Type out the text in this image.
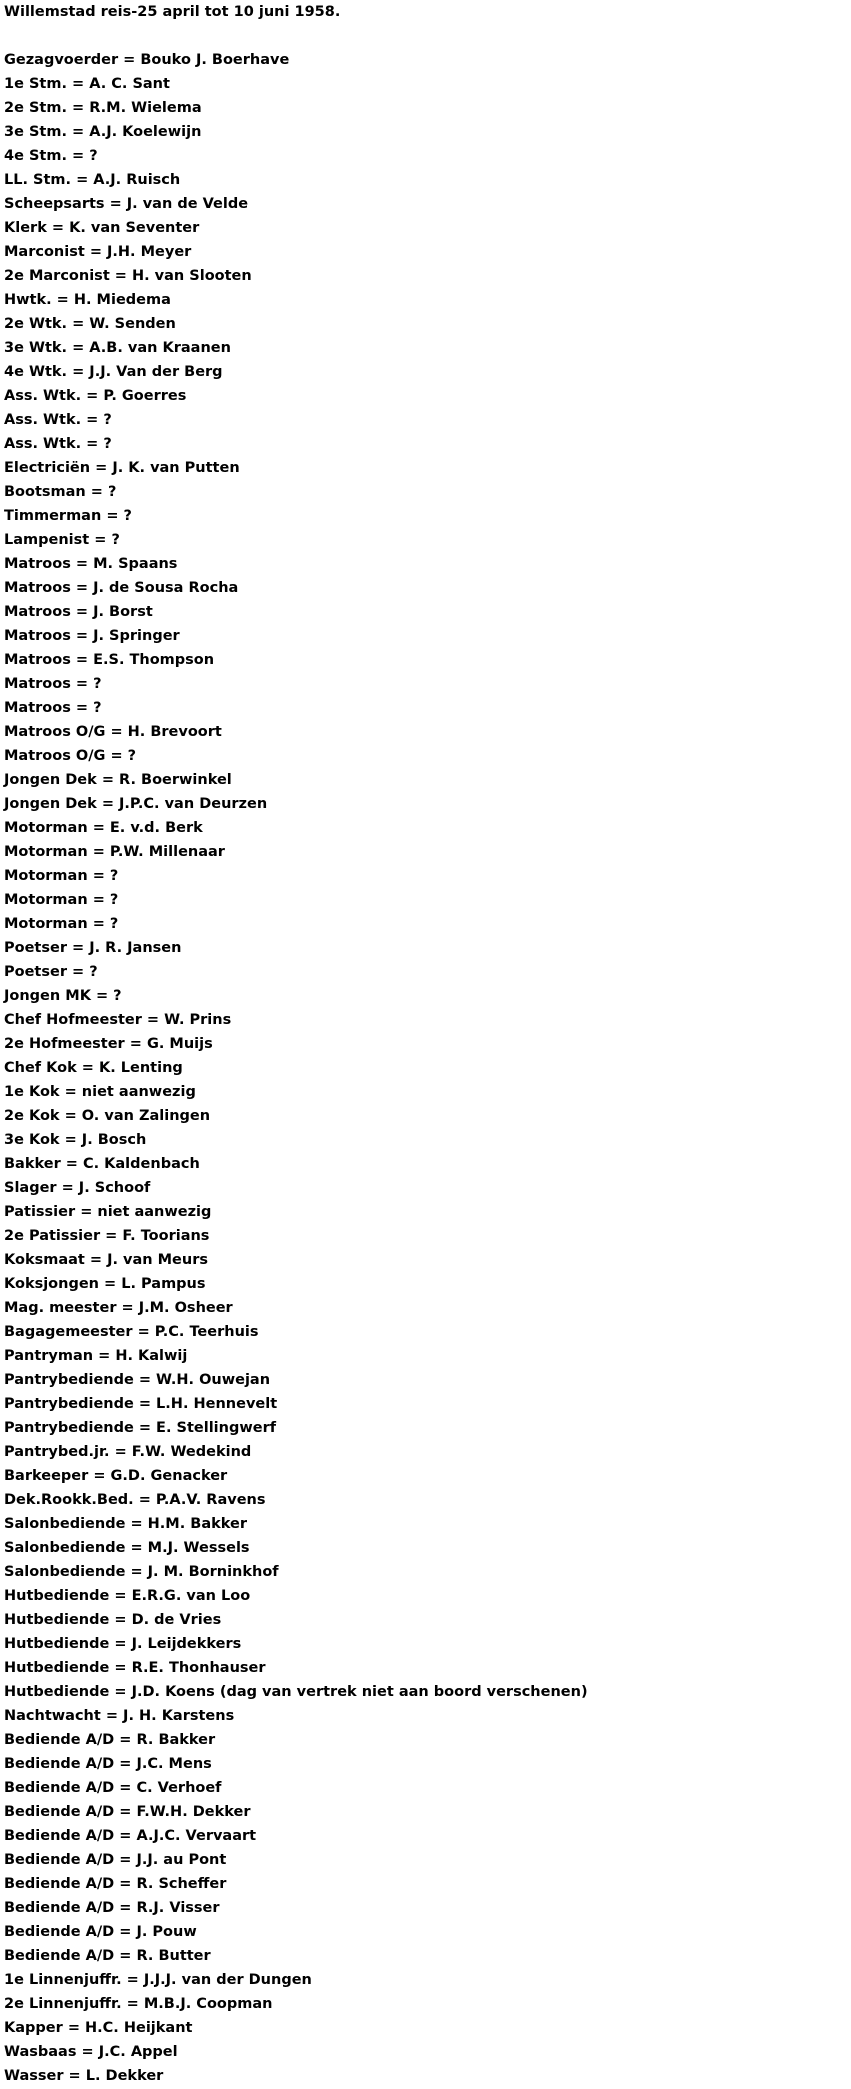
Willemstad reis-25 april tot 10 juni 1958.
Gezagvoerder = Bouko J. Boerhave
1e Stm. = A. C. Sant
2e Stm. = R.M. Wielema
3e Stm. = A.J. Koelewijn
4e Stm. = ?
LL. Stm. = A.J. Ruisch
Scheepsarts = J. van de Velde
Klerk = K. van Seventer
Marconist = J.H. Meyer
2e Marconist = H. van Slooten
Hwtk. = H. Miedema
2e Wtk. = W. Senden
3e Wtk. = A.B. van Kraanen
4e Wtk. = J.J. Van der Berg
Ass. Wtk. = P. Goerres
Ass. Wtk. = ?
Ass. Wtk. = ?
Electriciën = J. K. van Putten
Bootsman = ?
Timmerman = ?
Lampenist = ?
Matroos = M. Spaans
Matroos = J. de Sousa Rocha
Matroos = J. Borst
Matroos = J. Springer
Matroos = E.S. Thompson
Matroos = ?
Matroos = ?
Matroos O/G = H. Brevoort
Matroos O/G = ?
Jongen Dek = R. Boerwinkel
Jongen Dek = J.P.C. van Deurzen
Motorman = E. v.d. Berk
Motorman = P.W. Millenaar
Motorman = ?
Motorman = ?
Motorman = ?
Poetser = J. R. Jansen
Poetser = ?
Jongen MK = ?
Chef Hofmeester = W. Prins
2e Hofmeester = G. Muijs
Chef Kok = K. Lenting
1e Kok = niet aanwezig
2e Kok = O. van Zalingen
3e Kok = J. Bosch
Bakker = C. Kaldenbach
Slager = J. Schoof
Patissier = niet aanwezig
2e Patissier = F. Toorians
Koksmaat = J. van Meurs
Koksjongen = L. Pampus
Mag. meester = J.M. Osheer
Bagagemeester = P.C. Teerhuis
Pantryman = H. Kalwij
Pantrybediende = W.H. Ouwejan
Pantrybediende = L.H. Hennevelt
Pantrybediende = E. Stellingwerf
Pantrybed.jr. = F.W. Wedekind
Barkeeper = G.D. Genacker
Dek.Rookk.Bed. = P.A.V. Ravens
Salonbediende = H.M. Bakker
Salonbediende = M.J. Wessels
Salonbediende = J. M. Borninkhof
Hutbediende = E.R.G. van Loo
Hutbediende = D. de Vries
Hutbediende = J. Leijdekkers
Hutbediende = R.E. Thonhauser
Hutbediende = J.D. Koens (dag van vertrek niet aan boord verschenen)
Nachtwacht = J. H. Karstens
Bediende A/D = R. Bakker
Bediende A/D = J.C. Mens
Bediende A/D = C. Verhoef
Bediende A/D = F.W.H. Dekker
Bediende A/D = A.J.C. Vervaart
Bediende A/D = J.J. au Pont
Bediende A/D = R. Scheffer
Bediende A/D = R.J. Visser
Bediende A/D = J. Pouw
Bediende A/D = R. Butter
1e Linnenjuffr. = J.J.J. van der Dungen
2e Linnenjuffr. = M.B.J. Coopman
Kapper = H.C. Heijkant
Wasbaas = J.C. Appel
Wasser = L. Dekker
